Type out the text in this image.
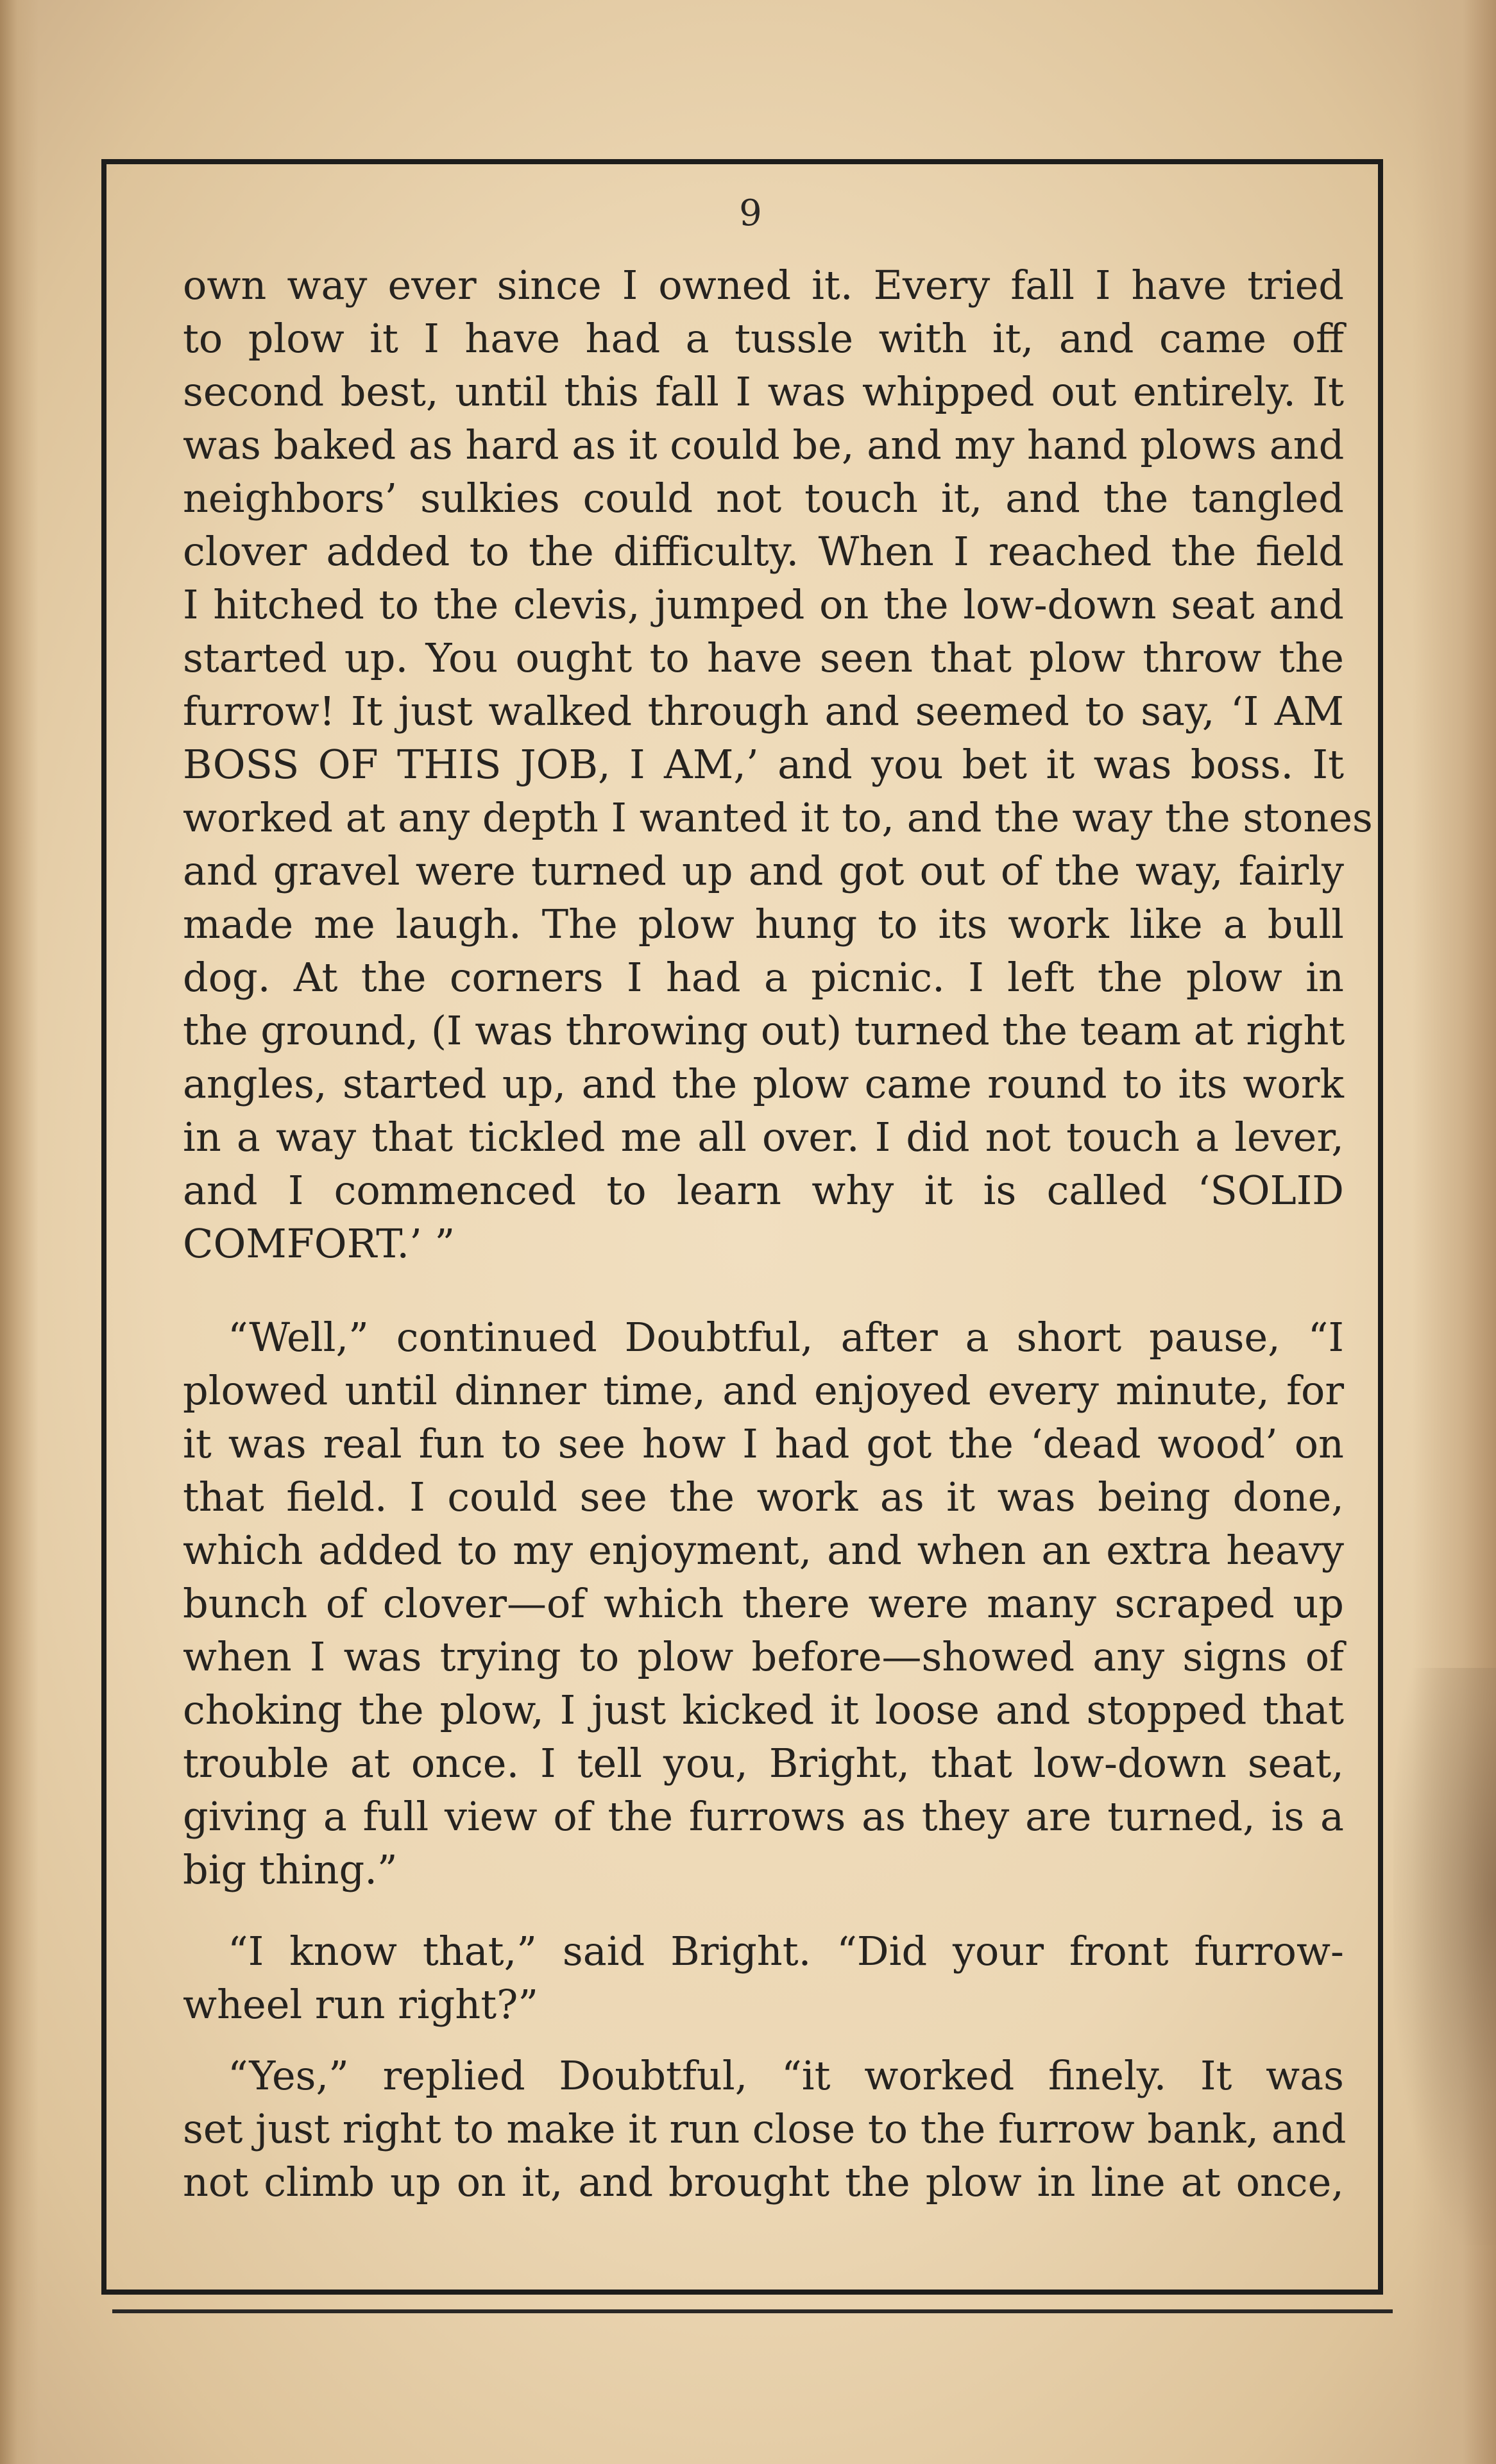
9
own way ever since I owned it. Every fall I have tried
to plow it I have had a tussle with it, and came off
second best, until this fall I was whipped out entirely. It
was baked as hard as it could be, and my hand plows and
neighbors’ sulkies could not touch it, and the tangled
clover added to the difficulty. When I reached the field
I hitched to the clevis, jumped on the low-down seat and
started up. You ought to have seen that plow throw the
furrow! It just walked through and seemed to say, ‘I AM
BOSS OF THIS JOB, I AM,’ and you bet it was boss. It
worked at any depth I wanted it to, and the way the stones
and gravel were turned up and got out of the way, fairly
made me laugh. The plow hung to its work like a bull
dog. At the corners I had a picnic. I left the plow in
the ground, (I was throwing out) turned the team at right
angles, started up, and the plow came round to its work
in a way that tickled me all over. I did not touch a lever,
and I commenced to learn why it is called ‘SOLID
COMFORT.’ ”
“Well,” continued Doubtful, after a short pause, “I
plowed until dinner time, and enjoyed every minute, for
it was real fun to see how I had got the ‘dead wood’ on
that field. I could see the work as it was being done,
which added to my enjoyment, and when an extra heavy
bunch of clover—of which there were many scraped up
when I was trying to plow before—showed any signs of
choking the plow, I just kicked it loose and stopped that
trouble at once. I tell you, Bright, that low-down seat,
giving a full view of the furrows as they are turned, is a
big thing.”
“I know that,” said Bright. “Did your front furrow-
wheel run right?”
“Yes,” replied Doubtful, “it worked finely. It was
set just right to make it run close to the furrow bank, and
not climb up on it, and brought the plow in line at once,
